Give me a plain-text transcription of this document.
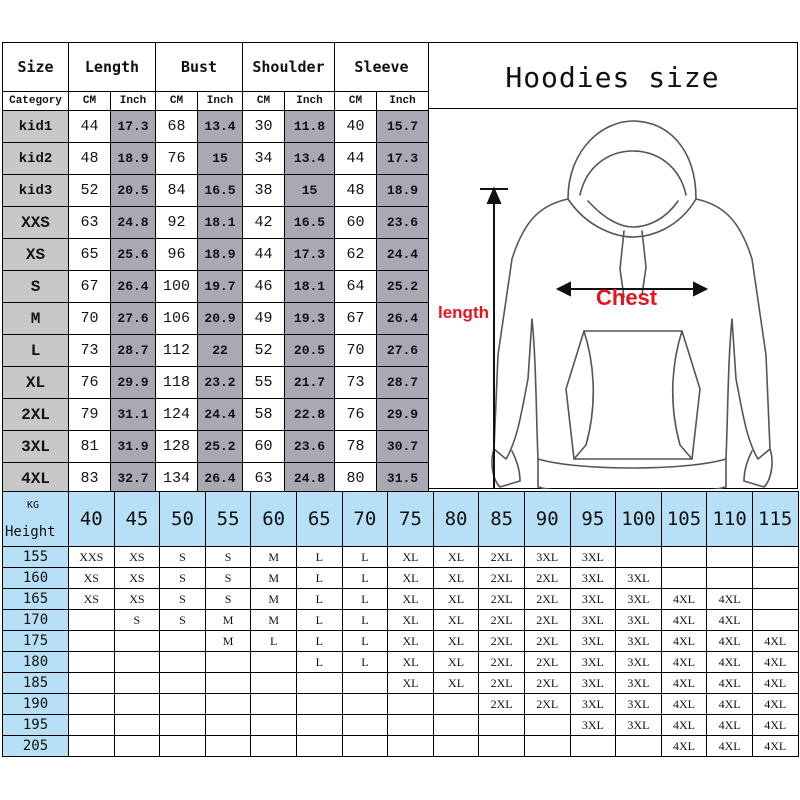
Size	Length		Bust		Shoulder		Sleeve	
Category	CM	Inch	CM	Inch	CM	Inch	CM	Inch
kid1	44	17.3	68	13.4	30	11.8	40	15.7
kid2	48	18.9	76	15	34	13.4	44	17.3
kid3	52	20.5	84	16.5	38	15	48	18.9
XXS	63	24.8	92	18.1	42	16.5	60	23.6
XS	65	25.6	96	18.9	44	17.3	62	24.4
S	67	26.4	100	19.7	46	18.1	64	25.2
M	70	27.6	106	20.9	49	19.3	67	26.4
L	73	28.7	112	22	52	20.5	70	27.6
XL	76	29.9	118	23.2	55	21.7	73	28.7
2XL	79	31.1	124	24.4	58	22.8	76	29.9
3XL	81	31.9	128	25.2	60	23.6	78	30.7
4XL	83	32.7	134	26.4	63	24.8	80	31.5
Hoodies size
Chest
length
KG
Height	40	45	50	55	60	65	70	75	80	85	90	95	100	105	110	115
155	XXS	XS	S	S	M	L	L	XL	XL	2XL	3XL	3XL				
160	XS	XS	S	S	M	L	L	XL	XL	2XL	2XL	3XL	3XL			
165	XS	XS	S	S	M	L	L	XL	XL	2XL	2XL	3XL	3XL	4XL	4XL	
170		S	S	M	M	L	L	XL	XL	2XL	2XL	3XL	3XL	4XL	4XL	
175				M	L	L	L	XL	XL	2XL	2XL	3XL	3XL	4XL	4XL	4XL
180						L	L	XL	XL	2XL	2XL	3XL	3XL	4XL	4XL	4XL
185								XL	XL	2XL	2XL	3XL	3XL	4XL	4XL	4XL
190										2XL	2XL	3XL	3XL	4XL	4XL	4XL
195												3XL	3XL	4XL	4XL	4XL
205														4XL	4XL	4XL
